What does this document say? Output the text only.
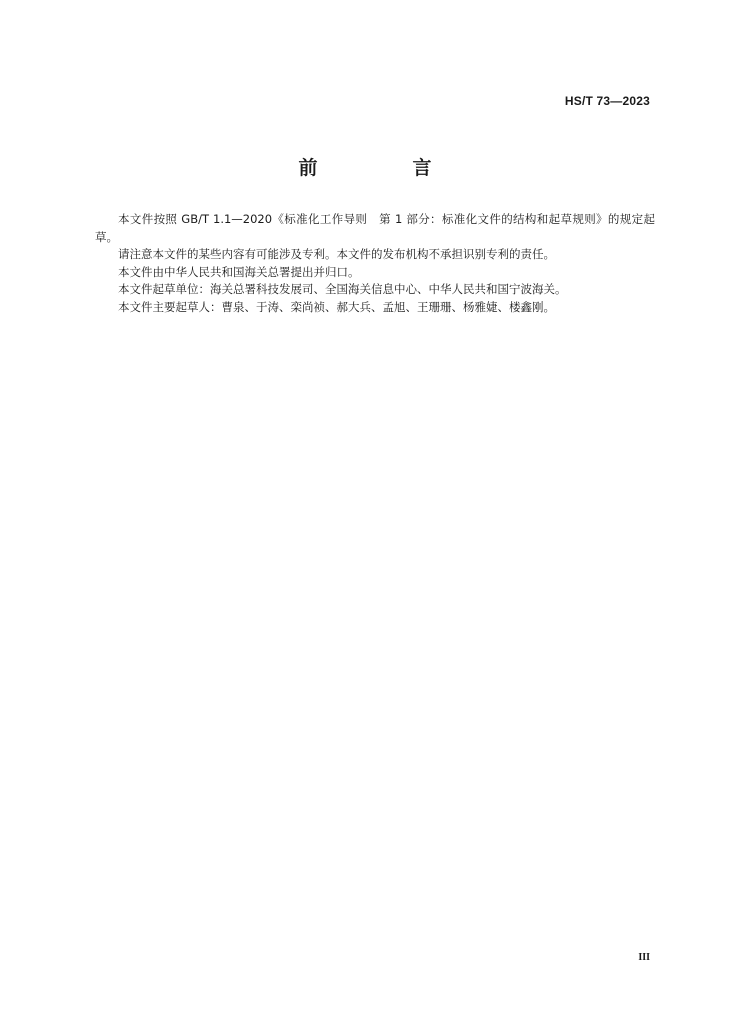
HS/T 73—2023
前　言

本文件按照 GB/T 1.1—2020《标准化工作导则　第 1 部分：标准化文件的结构和起草规则》的规定起草。

请注意本文件的某些内容有可能涉及专利。本文件的发布机构不承担识别专利的责任。

本文件由中华人民共和国海关总署提出并归口。

本文件起草单位：海关总署科技发展司、全国海关信息中心、中华人民共和国宁波海关。

本文件主要起草人：曹泉、于涛、栾尚祯、郝大兵、孟旭、王珊珊、杨雅婕、楼鑫刚。

III
